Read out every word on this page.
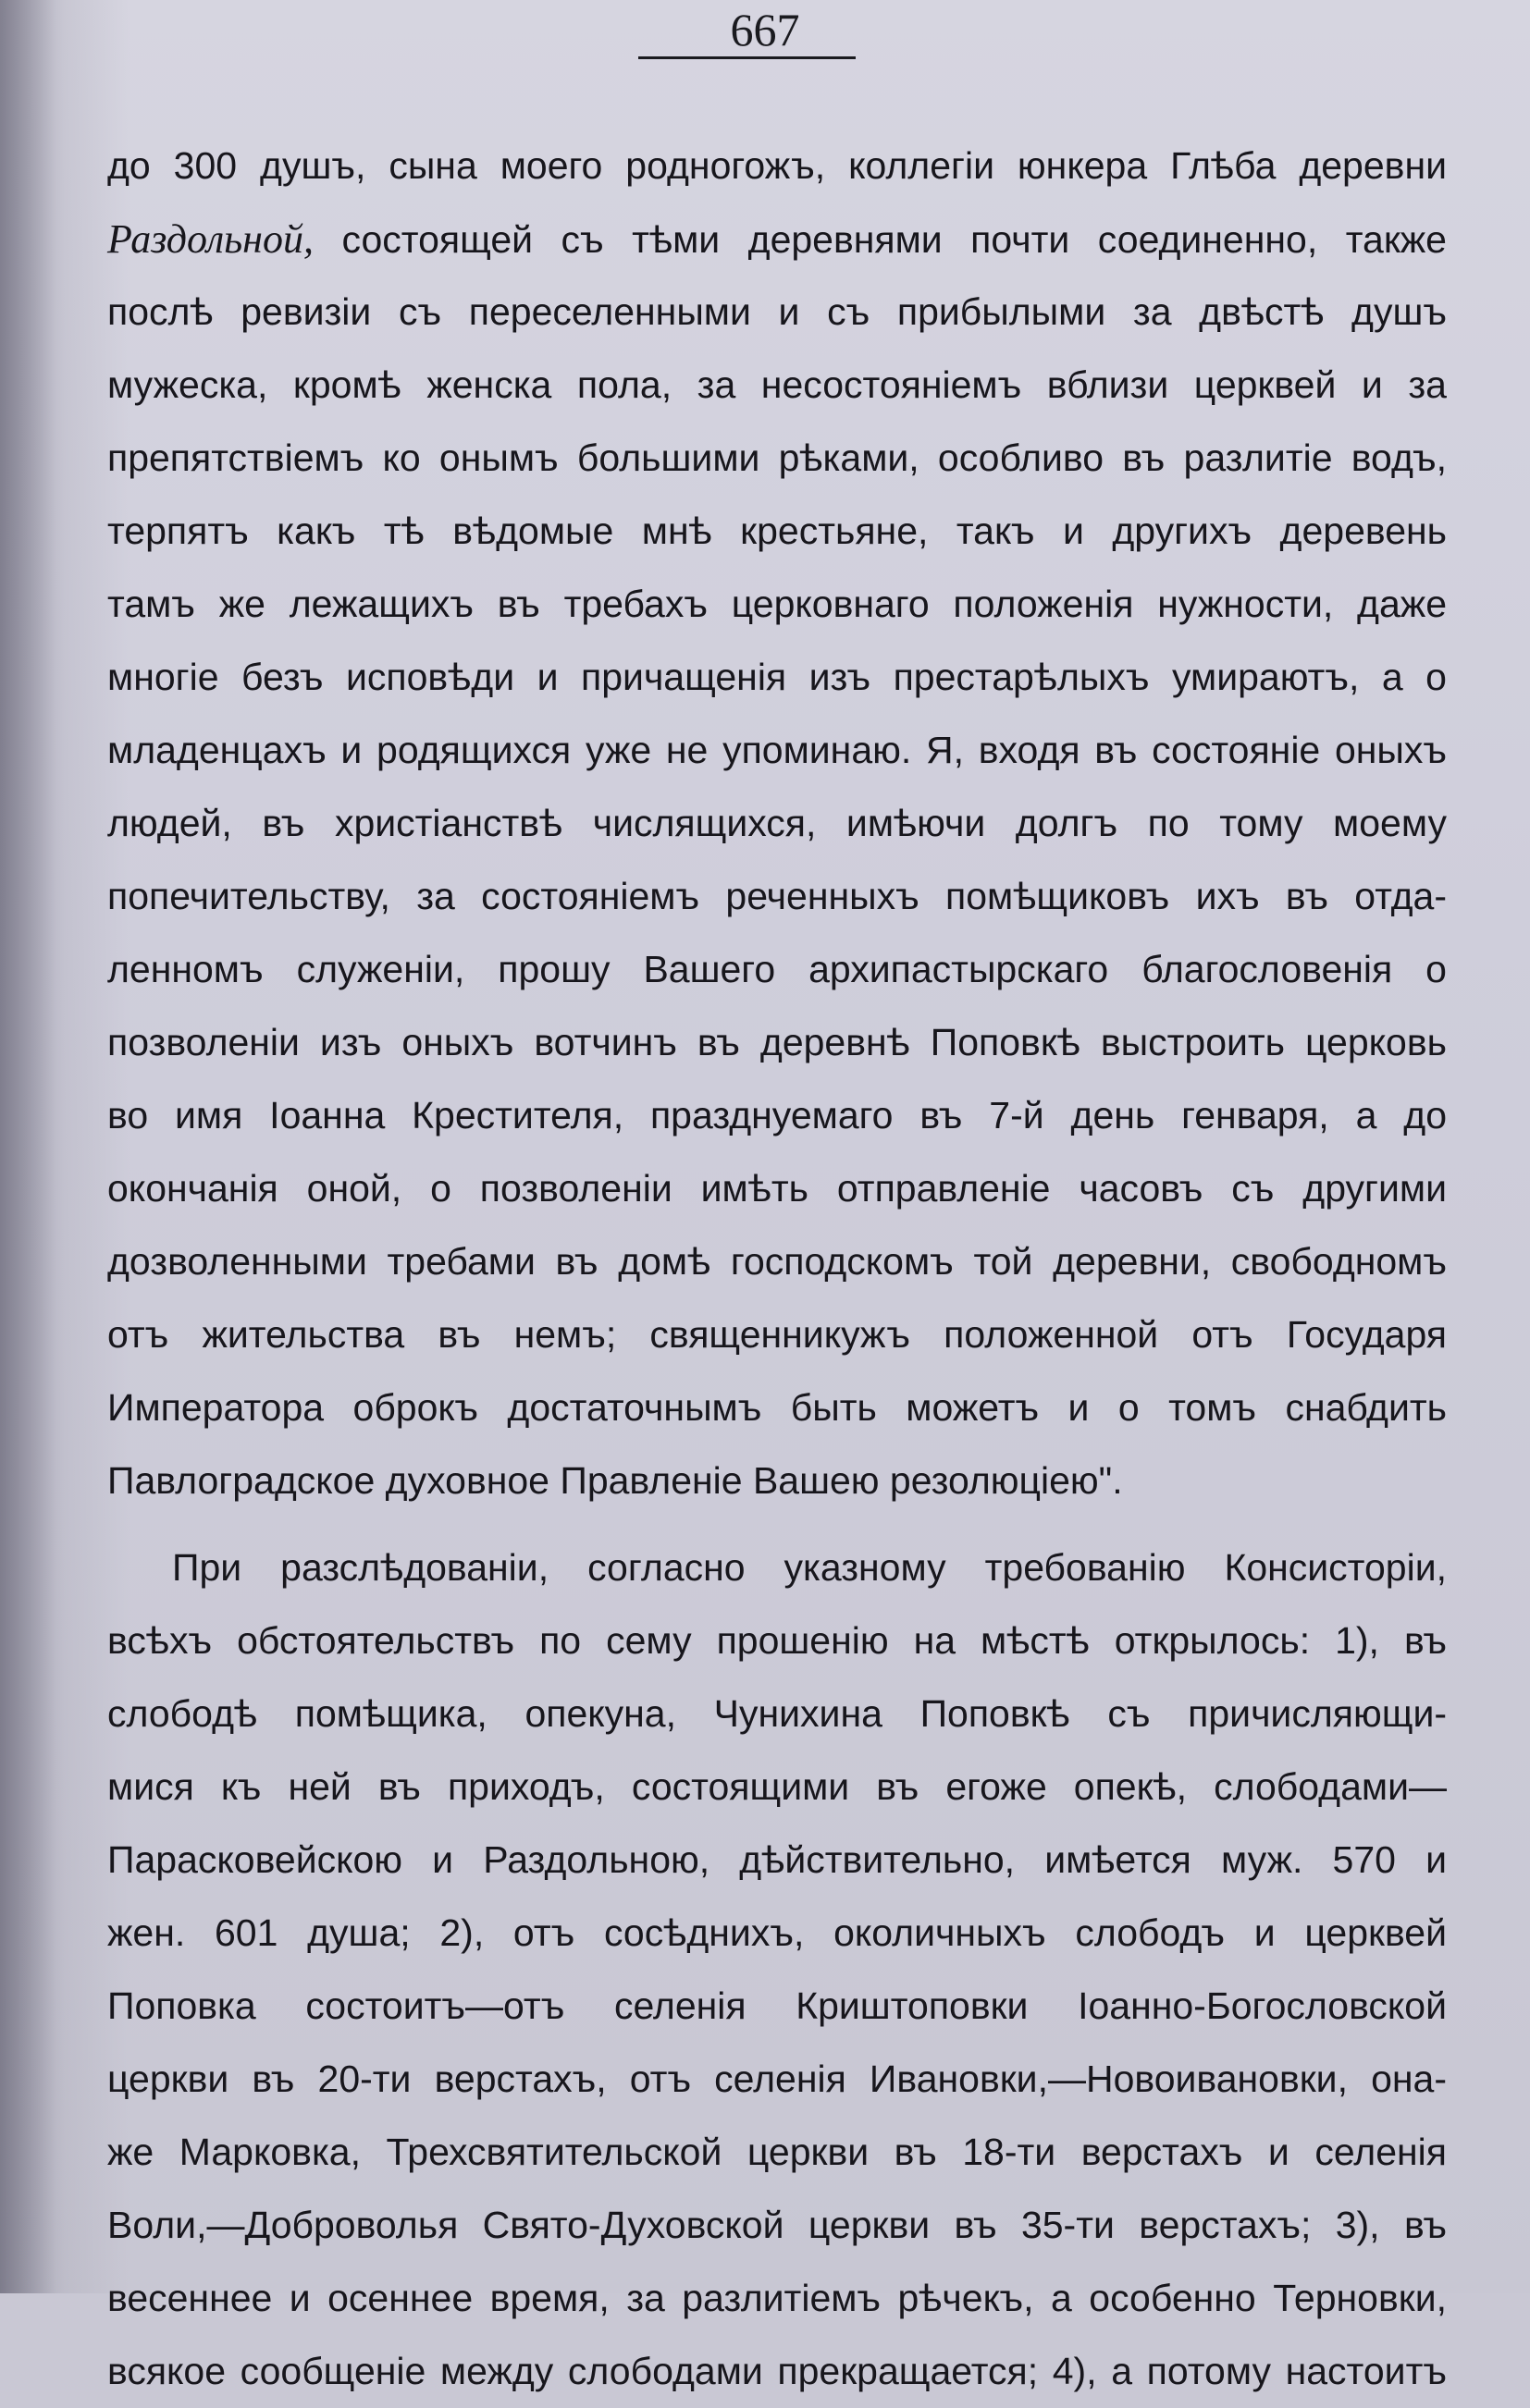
667
до 300 душъ, сына моего родногожъ, коллегіи юнкера Глѣба деревни
Раздольной, состоящей съ тѣми деревнями почти соединенно, также
послѣ ревизіи съ переселенными и съ прибылыми за двѣстѣ душъ
мужеска, кромѣ женска пола, за несостояніемъ вблизи церквей и за
препятствіемъ ко онымъ большими рѣками, особливо въ разлитіе водъ,
терпятъ какъ тѣ вѣдомые мнѣ крестьяне, такъ и другихъ деревень
тамъ же лежащихъ въ требахъ церковнаго положенія нужности, даже
многіе безъ исповѣди и причащенія изъ престарѣлыхъ умираютъ, а о
младенцахъ и родящихся уже не упоминаю. Я, входя въ состояніе оныхъ
людей, въ христіанствѣ числящихся, имѣючи долгъ по тому моему
попечительству, за состояніемъ реченныхъ помѣщиковъ ихъ въ отда-
ленномъ служеніи, прошу Вашего архипастырскаго благословенія о
позволеніи изъ оныхъ вотчинъ въ деревнѣ Поповкѣ выстроить церковь
во имя Іоанна Крестителя, празднуемаго въ 7-й день генваря, а до
окончанія оной, о позволеніи имѣть отправленіе часовъ съ другими
дозволенными требами въ домѣ господскомъ той деревни, свободномъ
отъ жительства въ немъ; священникужъ положенной отъ Государя
Императора оброкъ достаточнымъ быть можетъ и о томъ снабдить
Павлоградское духовное Правленіе Вашею резолюціею".
При разслѣдованіи, согласно указному требованію Консисторіи,
всѣхъ обстоятельствъ по сему прошенію на мѣстѣ открылось: 1), въ
слободѣ помѣщика, опекуна, Чунихина Поповкѣ съ причисляющи-
мися къ ней въ приходъ, состоящими въ егоже опекѣ, слободами—
Парасковейскою и Раздольною, дѣйствительно, имѣется муж. 570 и
жен. 601 душа; 2), отъ сосѣднихъ, околичныхъ слободъ и церквей
Поповка состоитъ—отъ селенія Криштоповки Іоанно-Богословской
церкви въ 20-ти верстахъ, отъ селенія Ивановки,—Новоивановки, она-
же Марковка, Трехсвятительской церкви въ 18-ти верстахъ и селенія
Воли,—Доброволья Свято-Духовской церкви въ 35-ти верстахъ; 3), въ
весеннее и осеннее время, за разлитіемъ рѣчекъ, а особенно Терновки,
всякое сообщеніе между слободами прекращается; 4), а потому настоитъ
